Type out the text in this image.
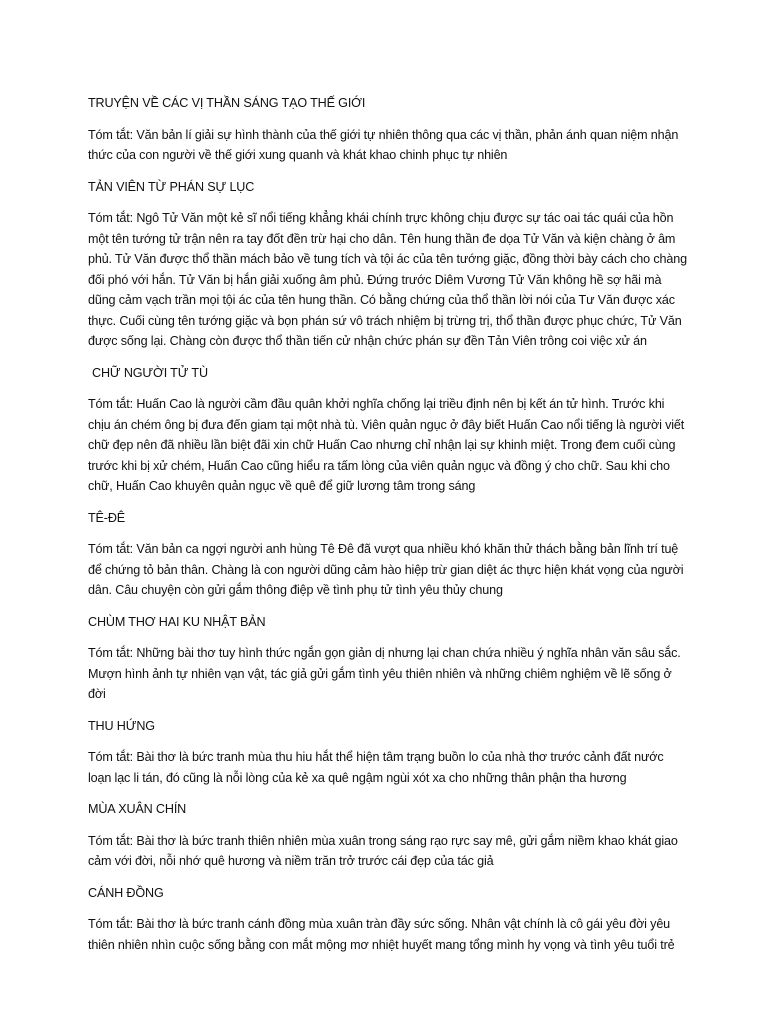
TRUYỆN VỀ CÁC VỊ THẦN SÁNG TẠO THẾ GIỚI

Tóm tắt: Văn bản lí giải sự hình thành của thế giới tự nhiên thông qua các vị thần, phản ánh quan niệm nhận thức của con người về thế giới xung quanh và khát khao chinh phục tự nhiên

TẢN VIÊN TỪ PHÁN SỰ LỤC

Tóm tắt: Ngô Tử Văn một kẻ sĩ nổi tiếng khẳng khái chính trực không chịu được sự tác oai tác quái của hồn một tên tướng tử trận nên ra tay đốt đền trừ hại cho dân. Tên hung thần đe dọa Tử Văn và kiện chàng ở âm phủ. Tử Văn được thổ thần mách bảo về tung tích và tội ác của tên tướng giặc, đồng thời bày cách cho chàng đối phó với hắn. Tử Văn bị hắn giải xuống âm phủ. Đứng trước Diêm Vương Tử Văn không hề sợ hãi mà dũng cảm vạch trần mọi tội ác của tên hung thần. Có bằng chứng của thổ thần lời nói của Tư Văn được xác thực. Cuối cùng tên tướng giặc và bọn phán sứ vô trách nhiệm bị trừng trị, thổ thần được phục chức, Tử Văn được sống lại. Chàng còn được thổ thần tiến cử nhận chức phán sự đền Tản Viên trông coi việc xử án

CHỮ NGƯỜI TỬ TÙ

Tóm tắt: Huấn Cao là người cầm đầu quân khởi nghĩa chống lại triều định nên bị kết án tử hình. Trước khi chịu án chém ông bị đưa đến giam tại một nhà tù. Viên quản ngục ở đây biết Huấn Cao nổi tiếng là người viết chữ đẹp nên đã nhiều lần biệt đãi xin chữ Huấn Cao nhưng chỉ nhận lại sự khinh miệt. Trong đem cuối cùng trước khi bị xử chém, Huấn Cao cũng hiểu ra tấm lòng của viên quản ngục và đồng ý cho chữ. Sau khi cho chữ, Huấn Cao khuyên quản ngục về quê để giữ lương tâm trong sáng

TÊ-ĐÊ

Tóm tắt: Văn bản ca ngợi người anh hùng Tê Đê đã vượt qua nhiều khó khăn thử thách bằng bản lĩnh trí tuệ để chứng tỏ bản thân. Chàng là con người dũng cảm hào hiệp trừ gian diệt ác thực hiện khát vọng của người dân. Câu chuyện còn gửi gắm thông điệp về tình phụ tử tình yêu thủy chung

CHÙM THƠ HAI KU NHẬT BẢN

Tóm tắt: Những bài thơ tuy hình thức ngắn gọn giản dị nhưng lại chan chứa nhiều ý nghĩa nhân văn sâu sắc. Mượn hình ảnh tự nhiên vạn vật, tác giả gửi gắm tình yêu thiên nhiên và những chiêm nghiệm về lẽ sống ở đời

THU HỨNG

Tóm tắt: Bài thơ là bức tranh mùa thu hiu hắt thể hiện tâm trạng buồn lo của nhà thơ trước cảnh đất nước loạn lạc li tán, đó cũng là nỗi lòng của kẻ xa quê ngậm ngùi xót xa cho những thân phận tha hương

MÙA XUÂN CHÍN

Tóm tắt: Bài thơ là bức tranh thiên nhiên mùa xuân trong sáng rạo rực say mê, gửi gắm niềm khao khát giao cảm với đời, nỗi nhớ quê hương và niềm trăn trở trước cái đẹp của tác giả

CÁNH ĐỒNG

Tóm tắt: Bài thơ là bức tranh cánh đồng mùa xuân tràn đầy sức sống. Nhân vật chính là cô gái yêu đời yêu thiên nhiên nhìn cuộc sống bằng con mắt mộng mơ nhiệt huyết mang tổng mình hy vọng và tình yêu tuổi trẻ
